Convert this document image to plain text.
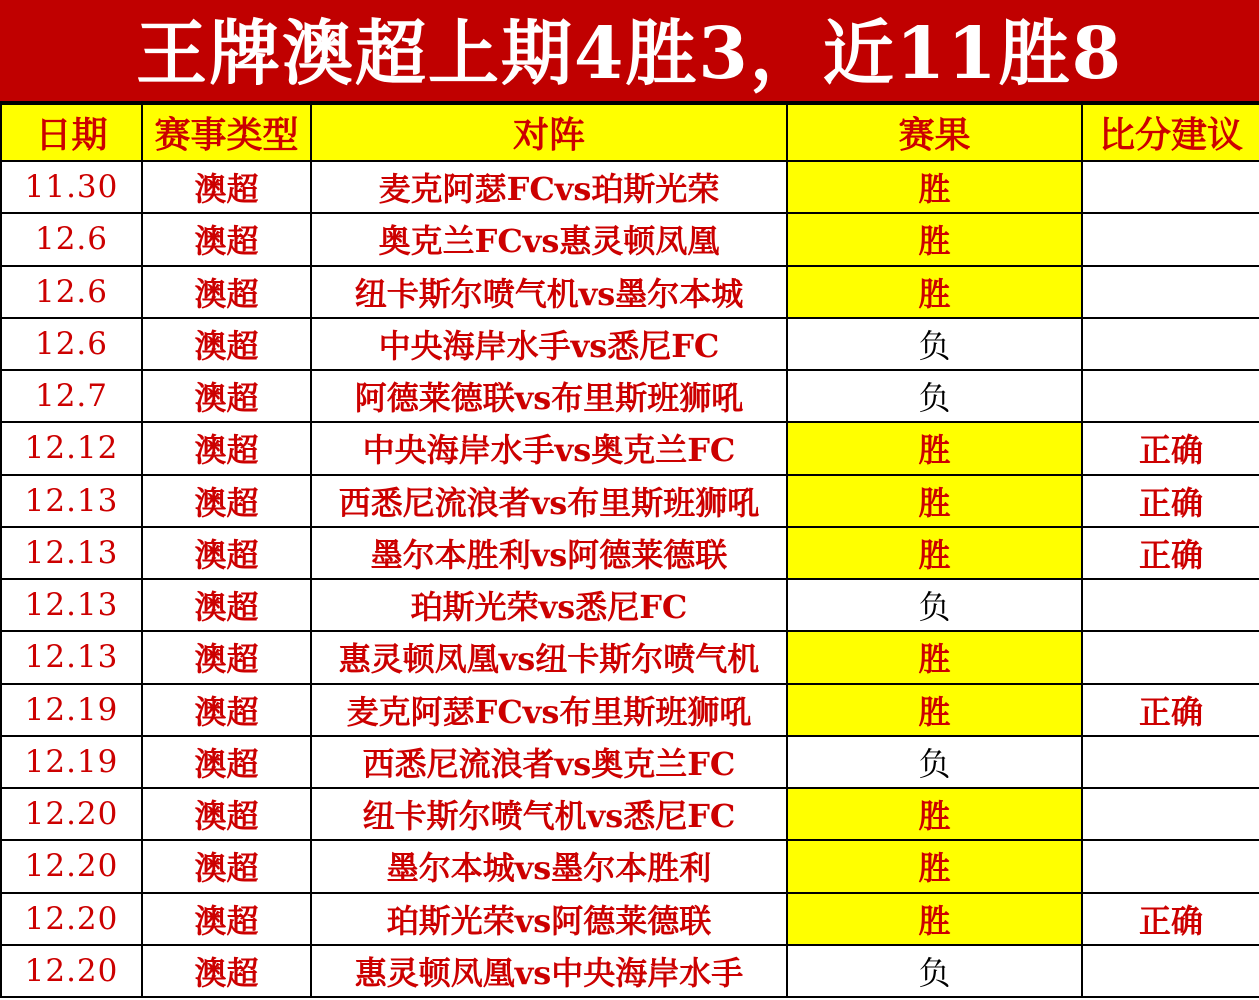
王牌澳超上期4胜3，近11胜8
日期	赛事类型	对阵	赛果	比分建议
11.30	澳超	麦克阿瑟FCvs珀斯光荣	胜	
12.6	澳超	奥克兰FCvs惠灵顿凤凰	胜	
12.6	澳超	纽卡斯尔喷气机vs墨尔本城	胜	
12.6	澳超	中央海岸水手vs悉尼FC	负	
12.7	澳超	阿德莱德联vs布里斯班狮吼	负	
12.12	澳超	中央海岸水手vs奥克兰FC	胜	正确
12.13	澳超	西悉尼流浪者vs布里斯班狮吼	胜	正确
12.13	澳超	墨尔本胜利vs阿德莱德联	胜	正确
12.13	澳超	珀斯光荣vs悉尼FC	负	
12.13	澳超	惠灵顿凤凰vs纽卡斯尔喷气机	胜	
12.19	澳超	麦克阿瑟FCvs布里斯班狮吼	胜	正确
12.19	澳超	西悉尼流浪者vs奥克兰FC	负	
12.20	澳超	纽卡斯尔喷气机vs悉尼FC	胜	
12.20	澳超	墨尔本城vs墨尔本胜利	胜	
12.20	澳超	珀斯光荣vs阿德莱德联	胜	正确
12.20	澳超	惠灵顿凤凰vs中央海岸水手	负	
